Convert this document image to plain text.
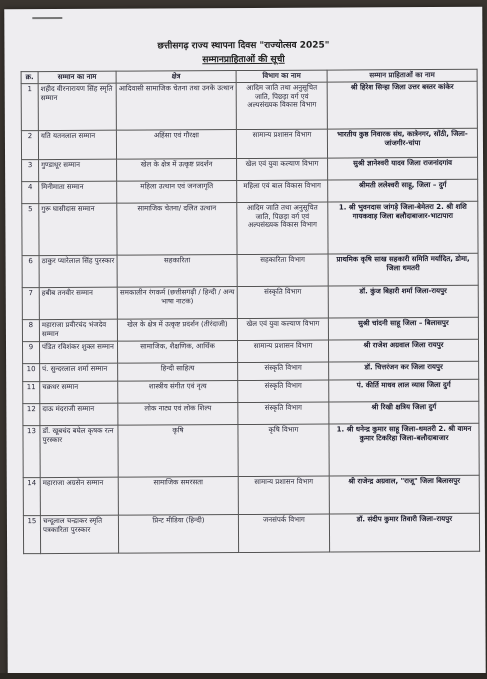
छत्तीसगढ़ राज्य स्थापना दिवस "राज्योत्सव 2025"
सम्मानप्राहिताओं की सूची
क्र.	सम्मान का नाम	क्षेत्र	विभाग का नाम	सम्मान प्राहिताओं का नाम
1	शहीद वीरनारायण सिंह स्मृति सम्मान	आदिवासी सामाजिक चेतना तथा उनके उत्थान	आदिम जाति तथा अनुसूचित जाति, पिछड़ा वर्ग एवं अल्पसंख्यक विकास विभाग	श्री हिरेश सिन्हा जिला उत्तर बस्तर कांकेर
2	यति यतनलाल सम्मान	अहिंसा एवं गौरक्षा	सामान्य प्रशासन विभाग	भारतीय कुष्ठ निवारक संघ, कात्रेनगर, सोंठी, जिला-जांजगीर-चांपा
3	गुण्डाधूर सम्मान	खेल के क्षेत्र में उत्कृष्ट प्रदर्शन	खेल एवं युवा कल्याण विभाग	सुश्री ज्ञानेश्वरी यादव जिला राजनांदगांव
4	मिनीमाता सम्मान	महिला उत्थान एवं जनजागृति	महिला एवं बाल विकास विभाग	श्रीमती ललेश्वरी साहू, जिला – दुर्ग
5	गुरू घासीदास सम्मान	सामाजिक चेतना/ दलित उत्थान	आदिम जाति तथा अनुसूचित जाति, पिछड़ा वर्ग एवं अल्पसंख्यक विकास विभाग	1. श्री भुवनदास जांगड़े जिला-बेमेतरा 2. श्री शशि गायकवाड़ जिला बलौदाबाजार-भाटापारा
6	ठाकुर प्यारेलाल सिंह पुरस्कार	सहकारिता	सहकारिता विभाग	प्राथमिक कृषि साख सहकारी समिति मर्यादित, डोमा, जिला धमतरी
7	हबीब तनवीर सम्मान	समकालीन रंगकर्म (छत्तीसगढ़ी / हिन्दी / अन्य भाषा नाटक)	संस्कृति विभाग	डॉ. कुंज बिहारी शर्मा जिला-रायपुर
8	महाराजा प्रवीरचंद भंजदेव सम्मान	खेल के क्षेत्र में उत्कृष्ट प्रदर्शन (तीरंदाजी)	खेल एवं युवा कल्याण विभाग	सुश्री चांदनी साहू जिला – बिलासपुर
9	पंडित रविशंकर शुक्ल सम्मान	सामाजिक, शैक्षणिक, आर्थिक	सामान्य प्रशासन विभाग	श्री राजेश अग्रवाल जिला रायपुर
10	पं. सुन्दरलाल शर्मा सम्मान	हिन्दी साहित्य	संस्कृति विभाग	डॉ. चित्तरंजन कर जिला रायपुर
11	चक्रधर सम्मान	शास्त्रीय संगीत एवं नृत्य	संस्कृति विभाग	पं. कीर्ति माधव लाल व्यास जिला दुर्ग
12	दाऊ मंदराजी सम्मान	लोक नाट्य एवं लोक शिल्प	संस्कृति विभाग	श्री रिखी क्षत्रिय जिला दुर्ग
13	डॉ. खूबचंद बघेल कृषक रत्न पुरस्कार	कृषि	कृषि विभाग	1. श्री धनेन्द्र कुमार साहू जिला–धमतरी 2. श्री वामन कुमार टिकरिहा जिला–बलौदाबाजार
14	महाराजा अग्रसेन सम्मान	सामाजिक समरसता	सामान्य प्रशासन विभाग	श्री राजेन्द्र अग्रवाल, "राजू" जिला बिलासपुर
15	चन्दूलाल चन्द्राकर स्मृति पत्रकारिता पुरस्कार	प्रिन्ट मीडिया (हिन्दी)	जनसंपर्क विभाग	डॉ. संदीप कुमार तिवारी जिला–रायपुर
